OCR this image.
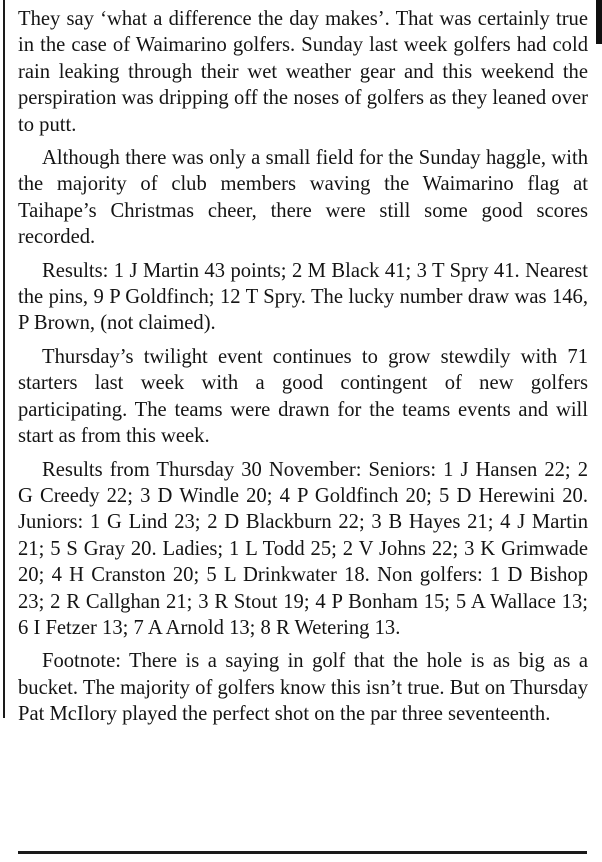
They say ‘what a difference the day makes’. That was certainly true in the case of Waimarino golfers. Sunday last week golfers had cold rain leaking through their wet weather gear and this weekend the perspiration was dripping off the noses of golfers as they leaned over to putt.

Although there was only a small field for the Sunday haggle, with the majority of club members waving the Waimarino flag at Taihape’s Christmas cheer, there were still some good scores recorded.

Results: 1 J Martin 43 points; 2 M Black 41; 3 T Spry 41. Nearest the pins, 9 P Goldfinch; 12 T Spry. The lucky number draw was 146, P Brown, (not claimed).

Thursday’s twilight event continues to grow stewdily with 71 starters last week with a good contingent of new golfers participating. The teams were drawn for the teams events and will start as from this week.

Results from Thursday 30 November: Seniors: 1 J Hansen 22; 2 G Creedy 22; 3 D Windle 20; 4 P Goldfinch 20; 5 D Herewini 20. Juniors: 1 G Lind 23; 2 D Blackburn 22; 3 B Hayes 21; 4 J Martin 21; 5 S Gray 20. Ladies; 1 L Todd 25; 2 V Johns 22; 3 K Grimwade 20; 4 H Cranston 20; 5 L Drinkwater 18. Non golfers: 1 D Bishop 23; 2 R Callghan 21; 3 R Stout 19; 4 P Bonham 15; 5 A Wallace 13; 6 I Fetzer 13; 7 A Arnold 13; 8 R Wetering 13.

Footnote: There is a saying in golf that the hole is as big as a bucket. The majority of golfers know this isn’t true. But on Thursday Pat McIlory played the perfect shot on the par three seventeenth.
